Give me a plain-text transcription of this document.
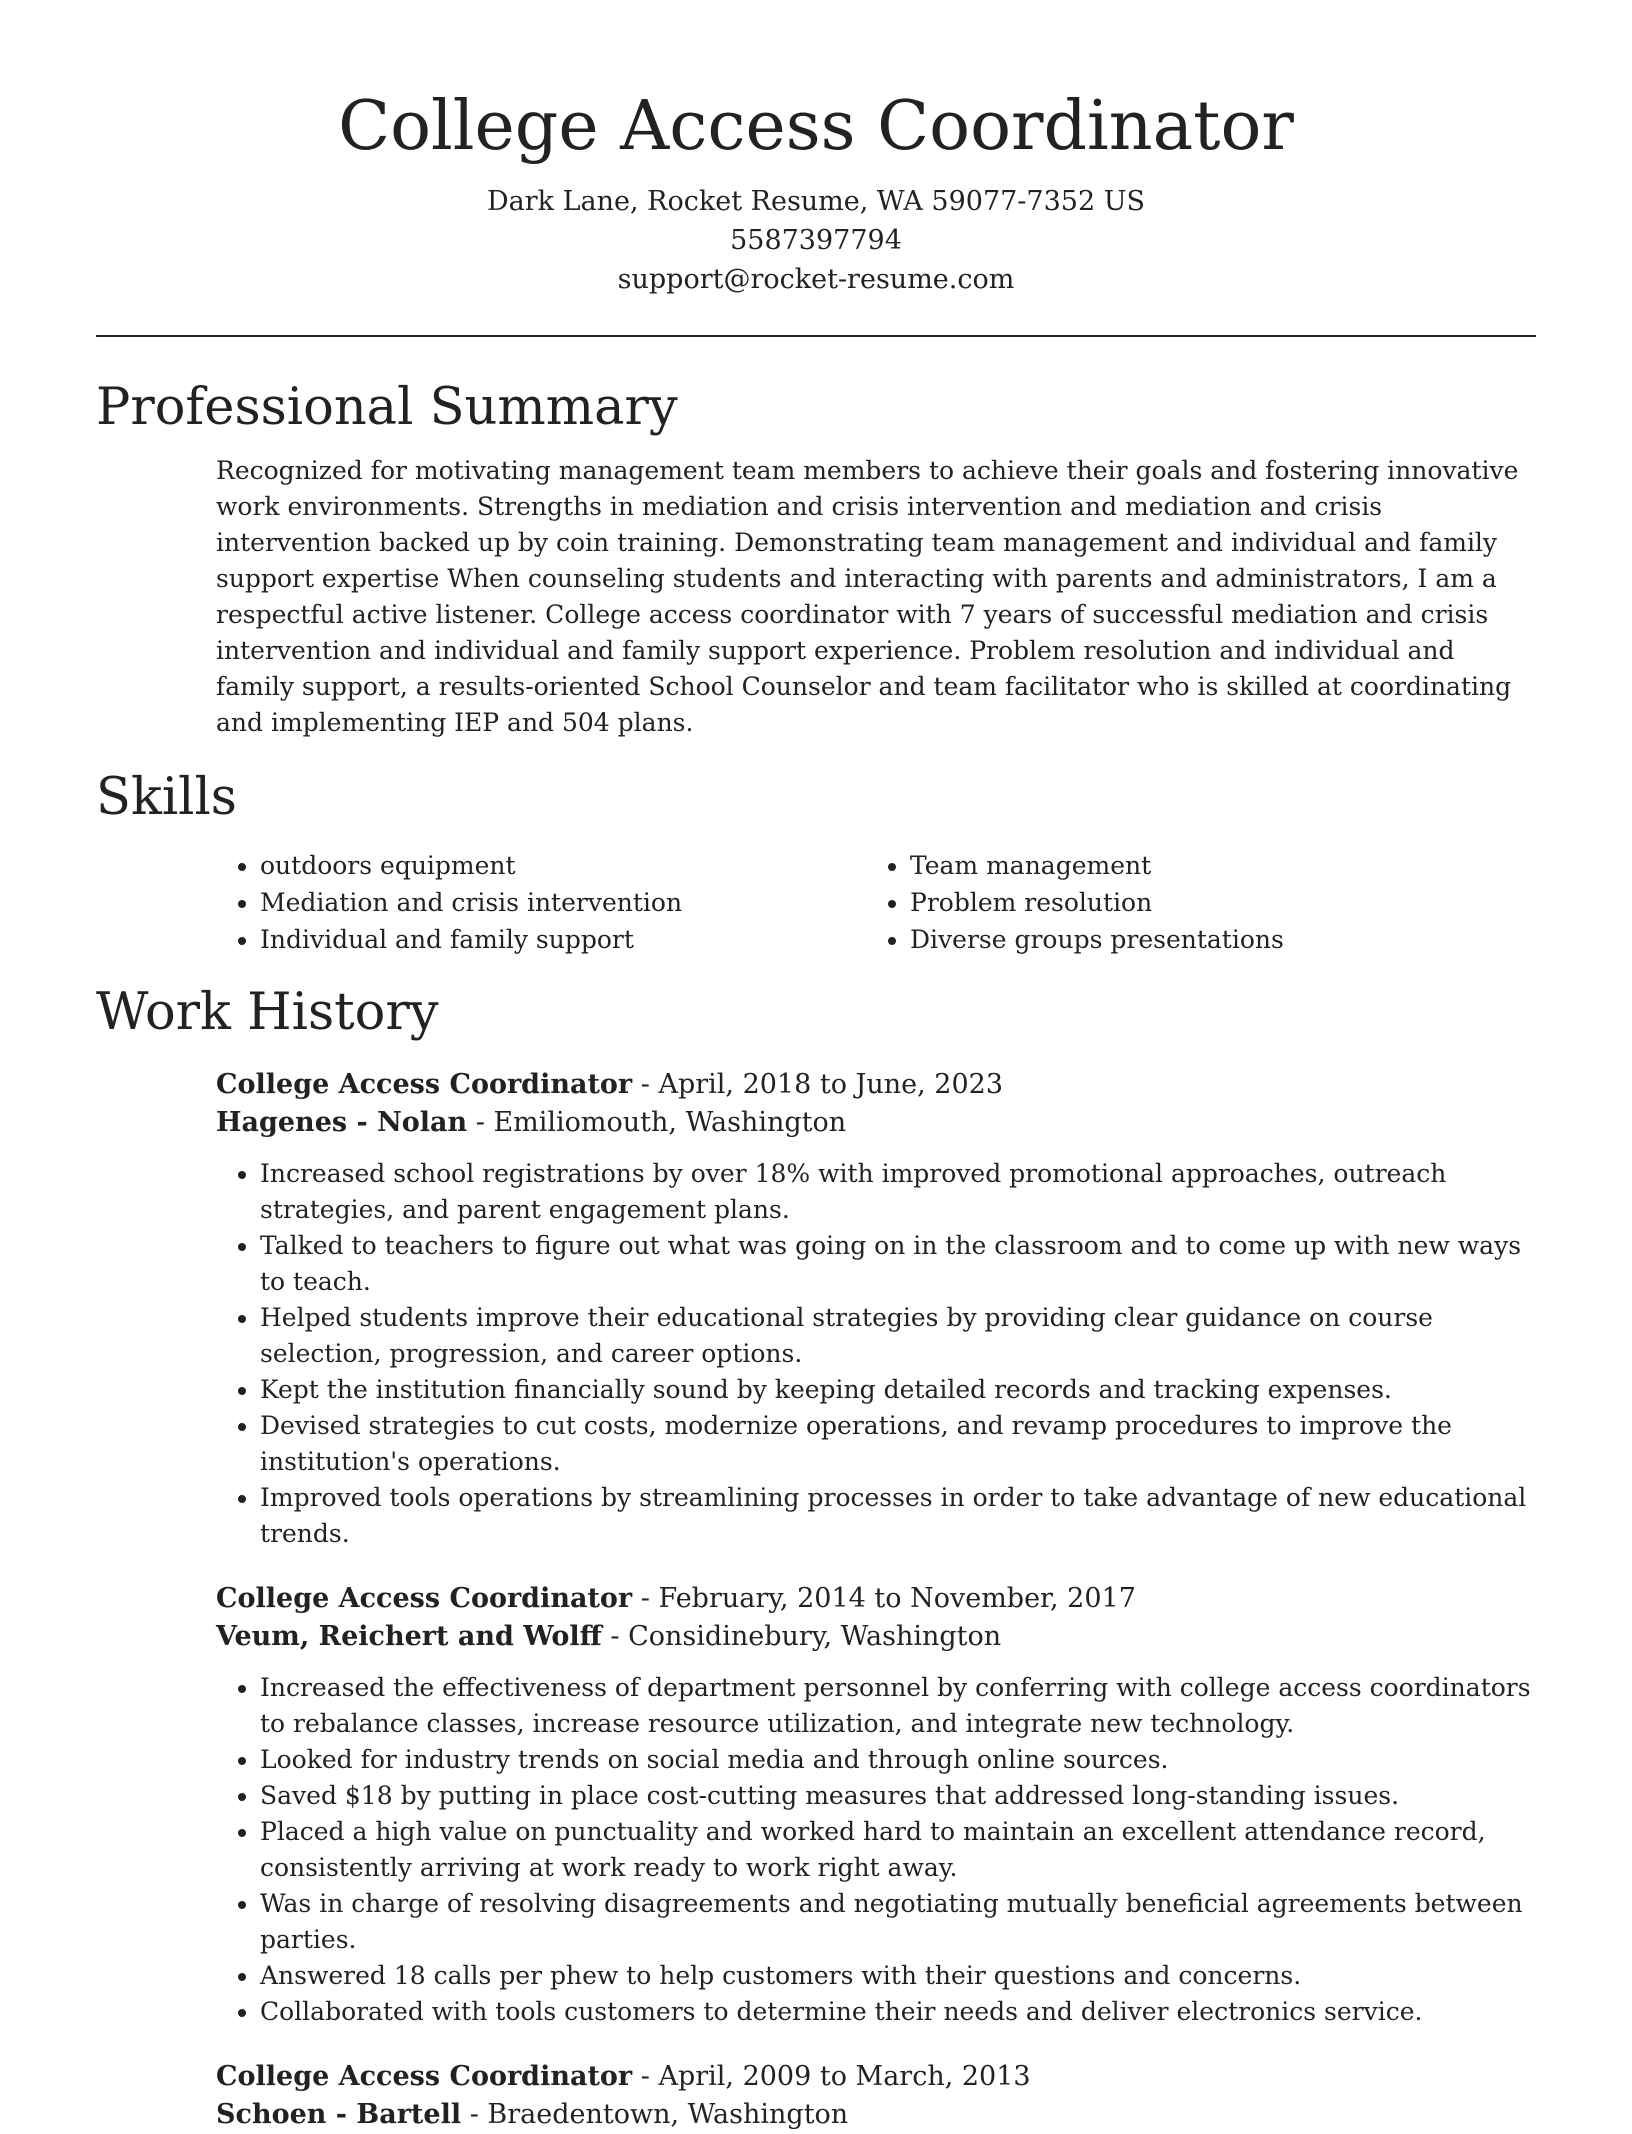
College Access Coordinator
Dark Lane, Rocket Resume, WA 59077-7352 US
5587397794
support@rocket-resume.com
Professional Summary

Recognized for motivating management team members to achieve their goals and fostering innovative work environments. Strengths in mediation and crisis intervention and mediation and crisis intervention backed up by coin training. Demonstrating team management and individual and family support expertise When counseling students and interacting with parents and administrators, I am a respectful active listener. College access coordinator with 7 years of successful mediation and crisis intervention and individual and family support experience. Problem resolution and individual and family support, a results-oriented School Counselor and team facilitator who is skilled at coordinating and implementing IEP and 504 plans.

Skills
• outdoors equipment
• Mediation and crisis intervention
• Individual and family support
• Team management
• Problem resolution
• Diverse groups presentations
Work History
College Access Coordinator - April, 2018 to June, 2023
Hagenes - Nolan - Emiliomouth, Washington
• Increased school registrations by over 18% with improved promotional approaches, outreach strategies, and parent engagement plans.
• Talked to teachers to figure out what was going on in the classroom and to come up with new ways to teach.
• Helped students improve their educational strategies by providing clear guidance on course selection, progression, and career options.
• Kept the institution financially sound by keeping detailed records and tracking expenses.
• Devised strategies to cut costs, modernize operations, and revamp procedures to improve the institution's operations.
• Improved tools operations by streamlining processes in order to take advantage of new educational trends.
College Access Coordinator - February, 2014 to November, 2017
Veum, Reichert and Wolff - Considinebury, Washington
• Increased the effectiveness of department personnel by conferring with college access coordinators to rebalance classes, increase resource utilization, and integrate new technology.
• Looked for industry trends on social media and through online sources.
• Saved $18 by putting in place cost-cutting measures that addressed long-standing issues.
• Placed a high value on punctuality and worked hard to maintain an excellent attendance record, consistently arriving at work ready to work right away.
• Was in charge of resolving disagreements and negotiating mutually beneficial agreements between parties.
• Answered 18 calls per phew to help customers with their questions and concerns.
• Collaborated with tools customers to determine their needs and deliver electronics service.
College Access Coordinator - April, 2009 to March, 2013
Schoen - Bartell - Braedentown, Washington
